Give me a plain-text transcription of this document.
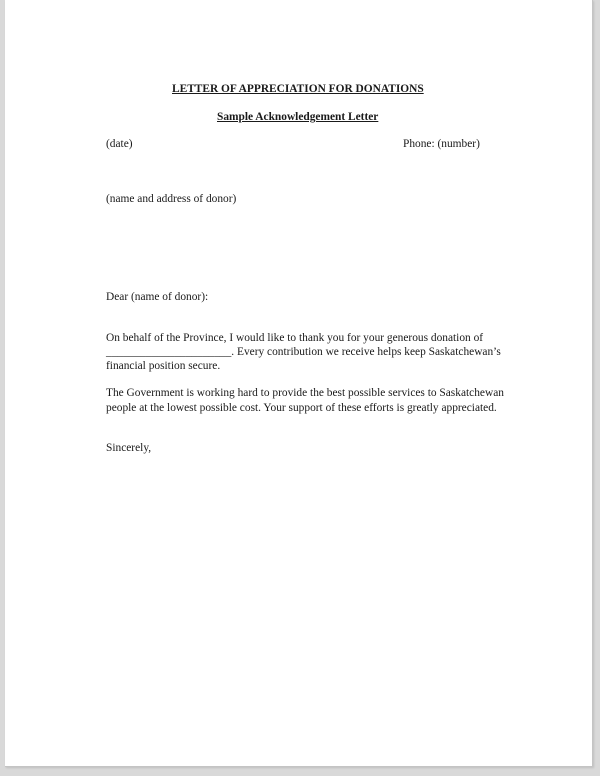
LETTER OF APPRECIATION FOR DONATIONS

Sample Acknowledgement Letter

(date)	Phone: (number)

(name and address of donor)

Dear (name of donor):

On behalf of the Province, I would like to thank you for your generous donation of

______________________. Every contribution we receive helps keep Saskatchewan’s

financial position secure.

The Government is working hard to provide the best possible services to Saskatchewan

people at the lowest possible cost. Your support of these efforts is greatly appreciated.

Sincerely,
